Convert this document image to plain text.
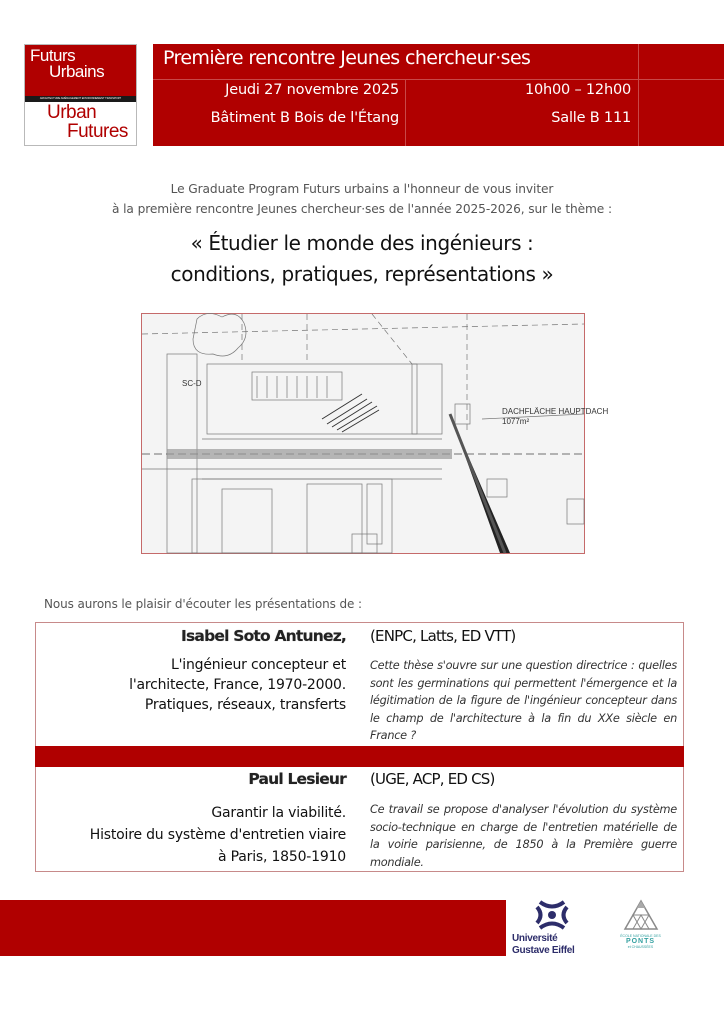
Futurs
Urbains
ARCHITECTURE AMÉNAGEMENT ENVIRONNEMENT TRANSPORT
Urban
Futures
Première rencontre Jeunes chercheur·ses
Jeudi 27 novembre 2025
Bâtiment B Bois de l'Étang
10h00 – 12h00
Salle B 111
Le Graduate Program Futurs urbains a l'honneur de vous inviter
à la première rencontre Jeunes chercheur·ses de l'année 2025-2026, sur le thème :
« Étudier le monde des ingénieurs :
conditions, pratiques, représentations »
DACHFLÄCHE HAUPTDACH
1077m²
SC-D
Nous aurons le plaisir d'écouter les présentations de :
Isabel Soto Antunez, (ENPC, Latts, ED VTT)
L'ingénieur concepteur et
l'architecte, France, 1970-2000.
Pratiques, réseaux, transferts
Cette thèse s'ouvre sur une question directrice : quelles sont les germinations qui permettent l'émergence et la légitimation de la figure de l'ingénieur concepteur dans le champ de l'architecture à la fin du XXe siècle en France ?
Paul Lesieur (UGE, ACP, ED CS)
Garantir la viabilité.
Histoire du système d'entretien viaire
à Paris, 1850-1910
Ce travail se propose d'analyser l'évolution du système socio-technique en charge de l'entretien matérielle de la voirie parisienne, de 1850 à la Première guerre mondiale.
Université
Gustave Eiffel
ÉCOLE NATIONALE DES
PONTS
et CHAUSSÉES
